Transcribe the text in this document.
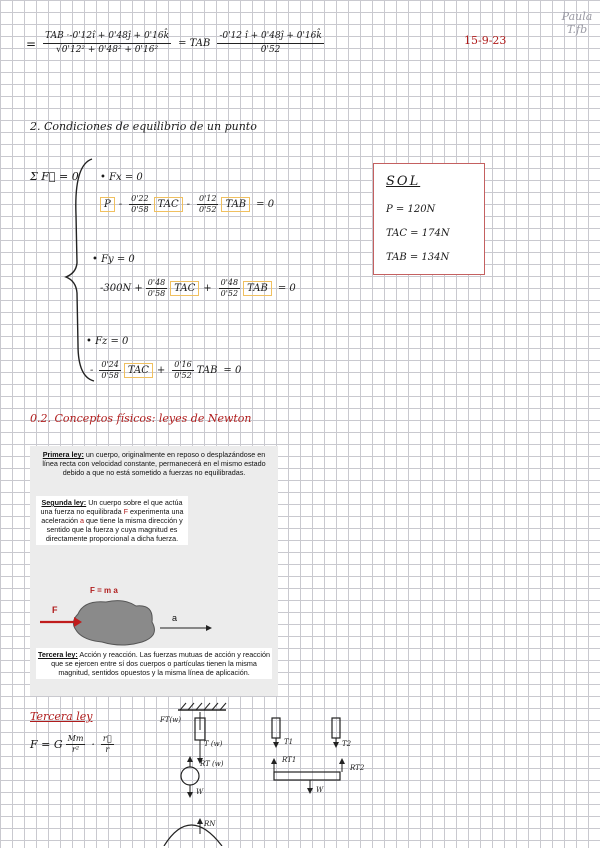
Paula
T.fb
= $\frac{\text{TAB ·-0'12î + 0'48ĵ + 0'16k̂}}{\text{√0'12² + 0'48² + 0'16²}}$ = TAB $\frac{-0'12 î + 0'48ĵ + 0'16k̂}{0'52}$	15-9-23
2. Condiciones de equilibrio de un punto
Σ F⃗ = 0 • Fx = 0
P - $\frac{0'22}{0'58}$ TAC - $\frac{0'12}{0'52}$ TAB	= 0
• Fy = 0
$-300N + \frac{0'48}{0'58}$ TAC + $\frac{0'48}{0'52}$ TAB	= 0
• Fz = 0
- $\frac{0'24}{0'58}$ TAC + $\frac{0'16}{0'52}$ TAB = 0
SOL
P = 120N
TAC = 174N
TAB = 134N
0.2. Conceptos físicos: leyes de Newton
Primera ley: un cuerpo, originalmente en reposo o desplazándose en línea recta con velocidad constante, permanecerá en el mismo estado debido a que no está sometido a fuerzas no equilibradas.
Segunda ley: Un cuerpo sobre el que actúa una fuerza no equilibrada F experimenta una aceleración a que tiene la misma dirección y sentido que la fuerza y cuya magnitud es directamente proporcional a dicha fuerza.
F = m a
F
a
Tercera ley: Acción y reacción. Las fuerzas mutuas de acción y reacción que se ejercen entre sí dos cuerpos o partículas tienen la misma magnitud, sentidos opuestos y la misma línea de aplicación.
Tercera ley
F = G $\frac{Mm}{\text{r²}} \cdot \frac{r⃗}{r}$
FT(w)
T (w)
RT (w)
W
RN
T1	T2
RT1
RT2
W
